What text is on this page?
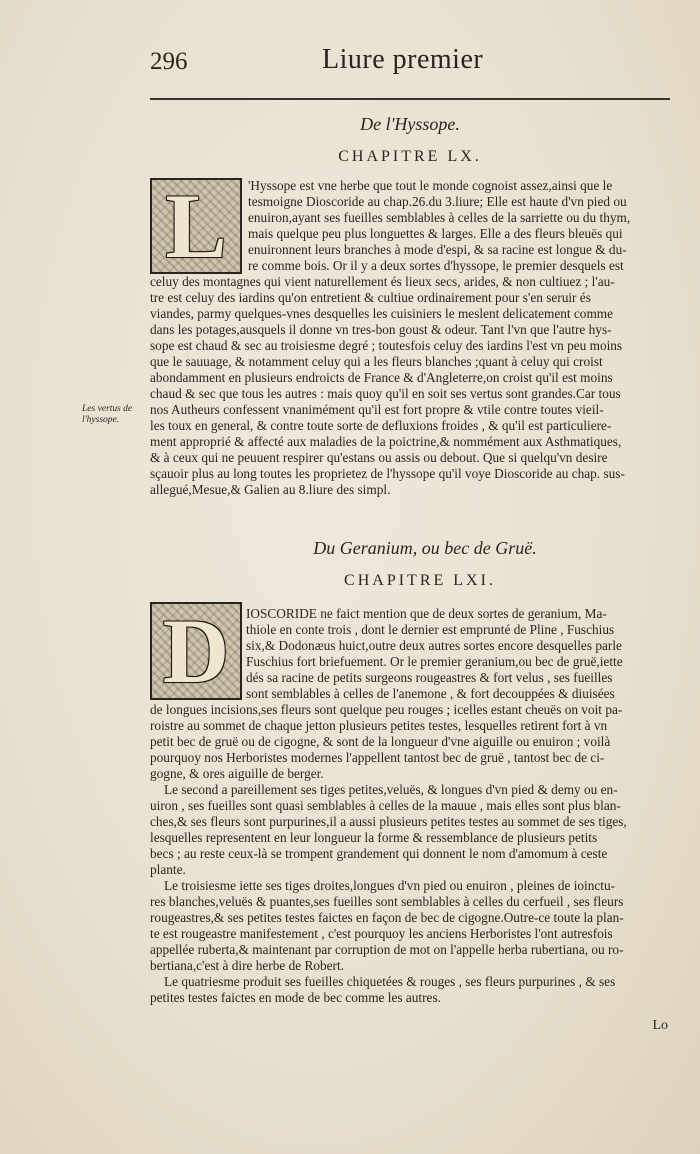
296	Liure premier
De l'Hyssope.
CHAPITRE LX.
L 'Hyssope est vne herbe que tout le monde cognoist assez,ainsi que le
tesmoigne Dioscoride au chap.26.du 3.liure; Elle est haute d'vn pied ou
enuiron,ayant ses fueilles semblables à celles de la sarriette ou du thym,
mais quelque peu plus longuettes & larges. Elle a des fleurs bleuës qui
enuironnent leurs branches à mode d'espi, & sa racine est longue & du-
re comme bois. Or il y a deux sortes d'hyssope, le premier desquels est
celuy des montagnes qui vient naturellement és lieux secs, arides, & non cultiuez ; l'au-
tre est celuy des iardins qu'on entretient & cultiue ordinairement pour s'en seruir és
viandes, parmy quelques-vnes desquelles les cuisiniers le meslent delicatement comme
dans les potages,ausquels il donne vn tres-bon goust & odeur. Tant l'vn que l'autre hys-
sope est chaud & sec au troisiesme degré ; toutesfois celuy des iardins l'est vn peu moins
que le sauuage, & notamment celuy qui a les fleurs blanches ;quant à celuy qui croist
abondamment en plusieurs endroicts de France & d'Angleterre,on croist qu'il est moins
chaud & sec que tous les autres : mais quoy qu'il en soit ses vertus sont grandes.Car tous
nos Autheurs confessent vnanimément qu'il est fort propre & vtile contre toutes vieil-
les toux en general, & contre toute sorte de defluxions froides , & qu'il est particuliere-
ment approprié & affecté aux maladies de la poictrine,& nommément aux Asthmatiques,
& à ceux qui ne peuuent respirer qu'estans ou assis ou debout. Que si quelqu'vn desire
sçauoir plus au long toutes les proprietez de l'hyssope qu'il voye Dioscoride au chap. sus-
allegué,Mesue,& Galien au 8.liure des simpl.
Les vertus de l'hyssope.
Du Geranium, ou bec de Gruë.
CHAPITRE LXI.
D IOSCORIDE ne faict mention que de deux sortes de geranium, Ma-
thiole en conte trois , dont le dernier est emprunté de Pline , Fuschius
six,& Dodonæus huict,outre deux autres sortes encore desquelles parle
Fuschius fort briefuement. Or le premier geranium,ou bec de gruë,iette
dés sa racine de petits surgeons rougeastres & fort velus , ses fueilles
sont semblables à celles de l'anemone , & fort decouppées & diuisées
de longues incisions,ses fleurs sont quelque peu rouges ; icelles estant cheuës on voit pa-
roistre au sommet de chaque jetton plusieurs petites testes, lesquelles retirent fort à vn
petit bec de gruë ou de cigogne, & sont de la longueur d'vne aiguille ou enuiron ; voilà
pourquoy nos Herboristes modernes l'appellent tantost bec de gruë , tantost bec de ci-
gogne, & ores aiguille de berger.
Le second a pareillement ses tiges petites,veluës, & longues d'vn pied & demy ou en-
uiron , ses fueilles sont quasi semblables à celles de la mauue , mais elles sont plus blan-
ches,& ses fleurs sont purpurines,il a aussi plusieurs petites testes au sommet de ses tiges,
lesquelles representent en leur longueur la forme & ressemblance de plusieurs petits
becs ; au reste ceux-là se trompent grandement qui donnent le nom d'amomum à ceste
plante.
Le troisiesme iette ses tiges droites,longues d'vn pied ou enuiron , pleines de ioinctu-
res blanches,veluës & puantes,ses fueilles sont semblables à celles du cerfueil , ses fleurs
rougeastres,& ses petites testes faictes en façon de bec de cigogne.Outre-ce toute la plan-
te est rougeastre manifestement , c'est pourquoy les anciens Herboristes l'ont autresfois
appellée ruberta,& maintenant par corruption de mot on l'appelle herba rubertiana, ou ro-
bertiana,c'est à dire herbe de Robert.
Le quatriesme produit ses fueilles chiquetées & rouges , ses fleurs purpurines , & ses
petites testes faictes en mode de bec comme les autres.
Lo
